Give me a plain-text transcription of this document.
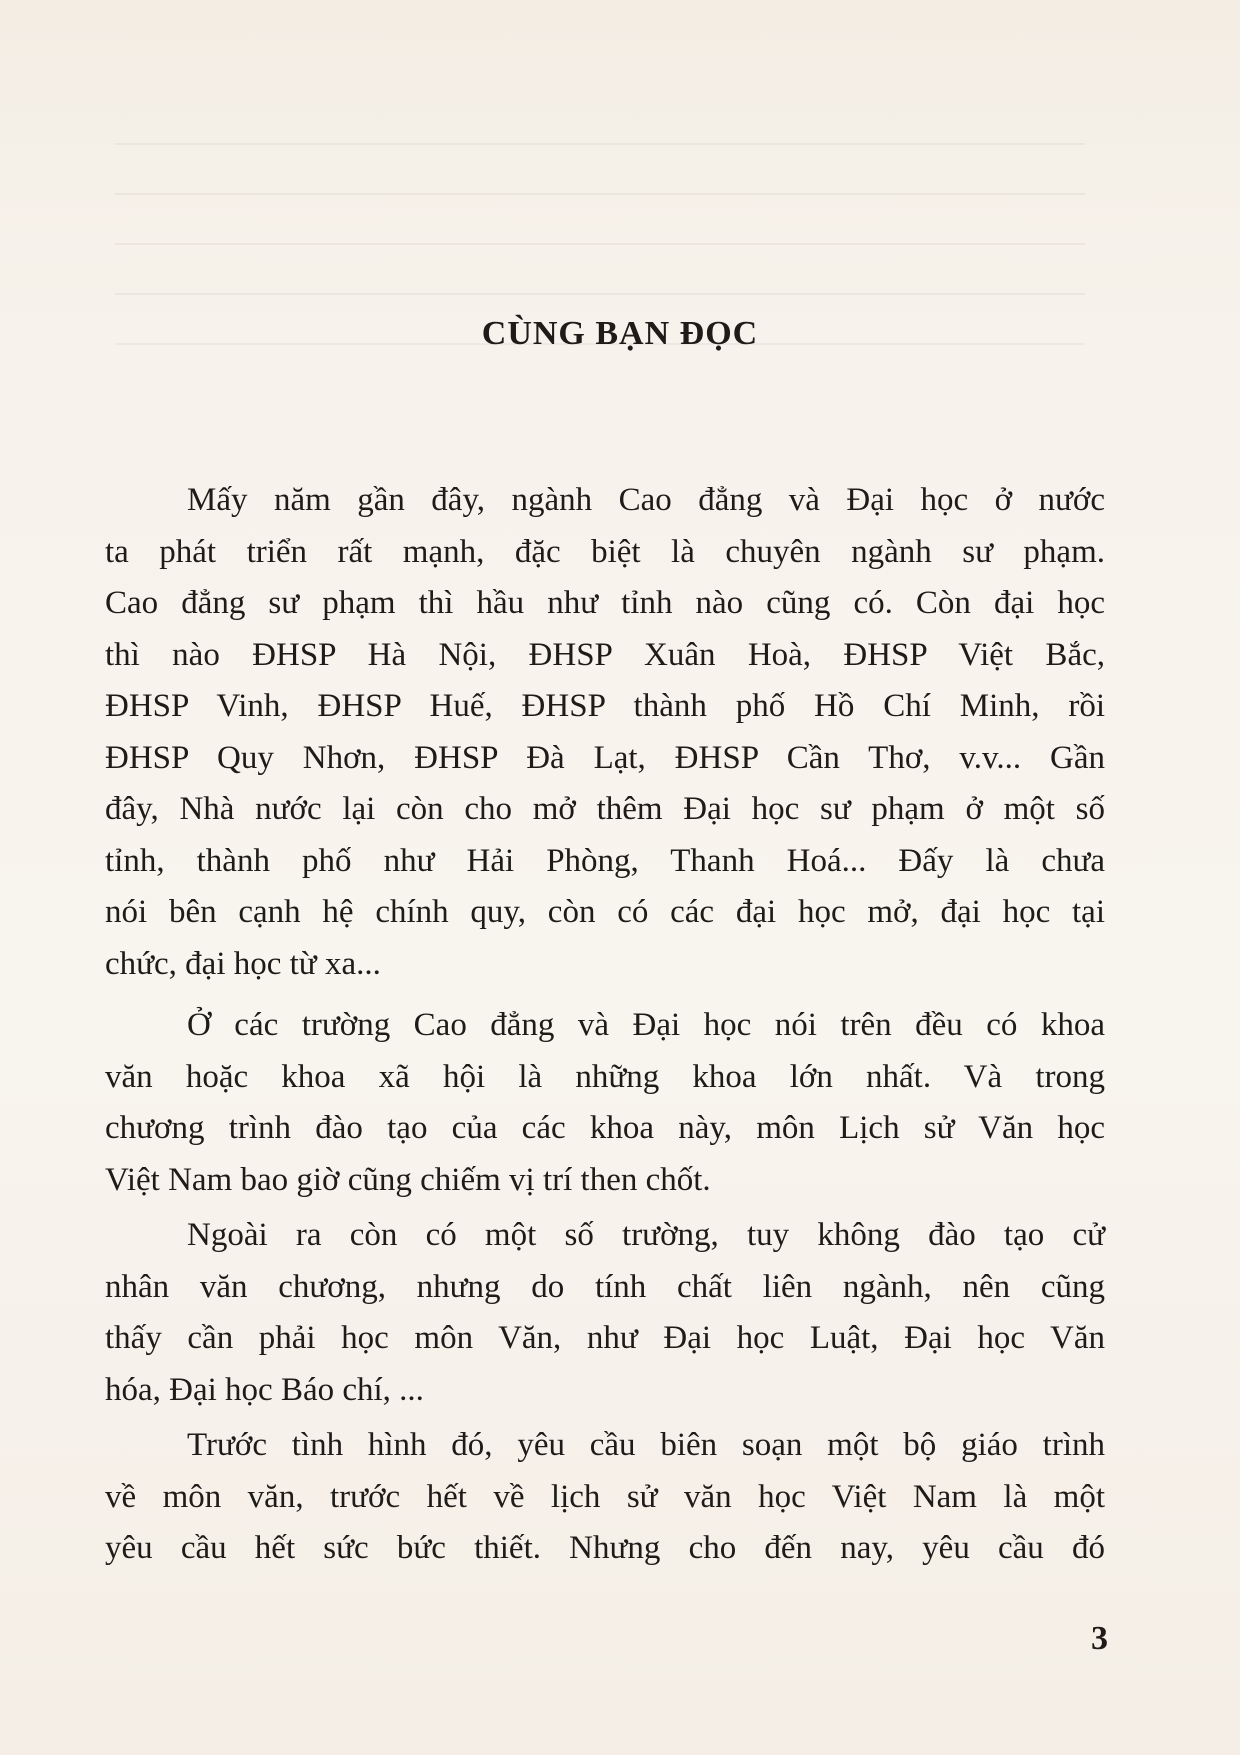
CÙNG BẠN ĐỌC
Mấy năm gần đây, ngành Cao đẳng và Đại học ở nước
ta phát triển rất mạnh, đặc biệt là chuyên ngành sư phạm.
Cao đẳng sư phạm thì hầu như tỉnh nào cũng có. Còn đại học
thì nào ĐHSP Hà Nội, ĐHSP Xuân Hoà, ĐHSP Việt Bắc,
ĐHSP Vinh, ĐHSP Huế, ĐHSP thành phố Hồ Chí Minh, rồi
ĐHSP Quy Nhơn, ĐHSP Đà Lạt, ĐHSP Cần Thơ, v.v... Gần
đây, Nhà nước lại còn cho mở thêm Đại học sư phạm ở một số
tỉnh, thành phố như Hải Phòng, Thanh Hoá... Đấy là chưa
nói bên cạnh hệ chính quy, còn có các đại học mở, đại học tại
chức, đại học từ xa...
Ở các trường Cao đẳng và Đại học nói trên đều có khoa
văn hoặc khoa xã hội là những khoa lớn nhất. Và trong
chương trình đào tạo của các khoa này, môn Lịch sử Văn học
Việt Nam bao giờ cũng chiếm vị trí then chốt.
Ngoài ra còn có một số trường, tuy không đào tạo cử
nhân văn chương, nhưng do tính chất liên ngành, nên cũng
thấy cần phải học môn Văn, như Đại học Luật, Đại học Văn
hóa, Đại học Báo chí, ...
Trước tình hình đó, yêu cầu biên soạn một bộ giáo trình
về môn văn, trước hết về lịch sử văn học Việt Nam là một
yêu cầu hết sức bức thiết. Nhưng cho đến nay, yêu cầu đó

3
